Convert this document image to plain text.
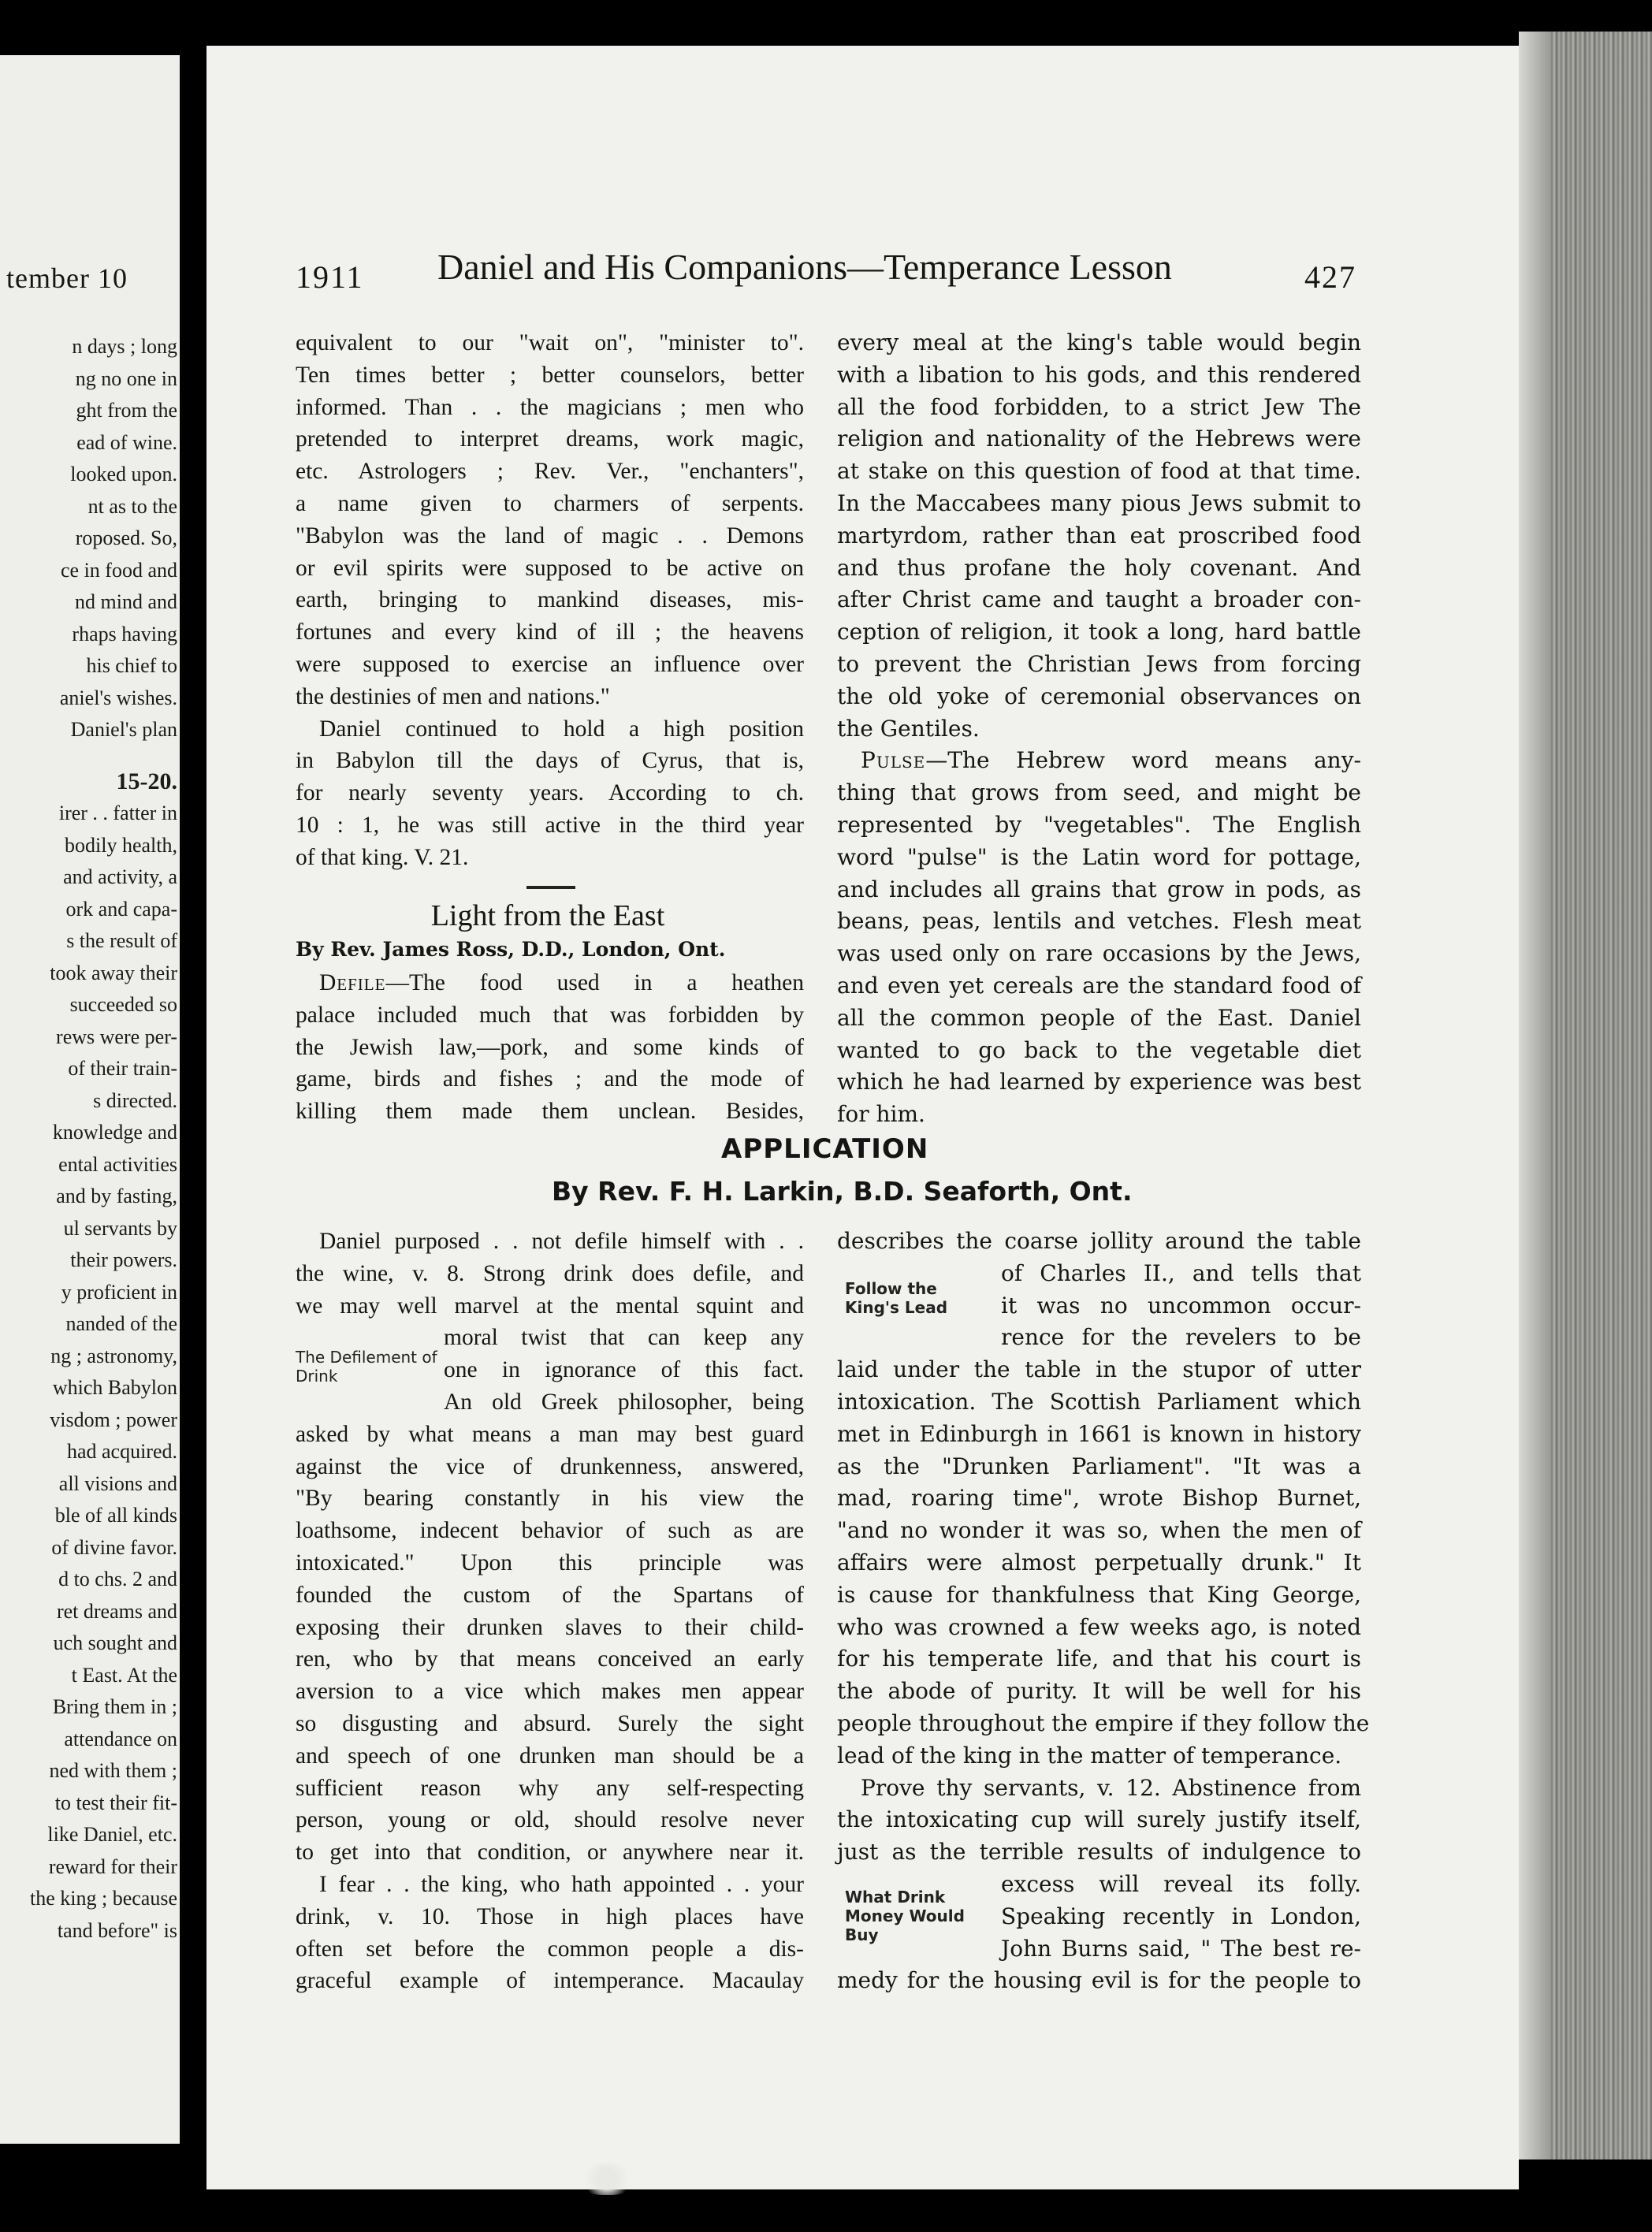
tember 10
n days ; long
ng no one in
ght from the
ead of wine.
looked upon.
nt as to the
roposed. So,
ce in food and
nd mind and
rhaps having
his chief to
aniel's wishes.
Daniel's plan
15-20.
irer . . fatter in
bodily health,
and activity, a
ork and capa-
s the result of
took away their
succeeded so
rews were per-
of their train-
s directed.
knowledge and
ental activities
and by fasting,
ul servants by
their powers.
y proficient in
nanded of the
ng ; astronomy,
which Babylon
visdom ; power
had acquired.
all visions and
ble of all kinds
of divine favor.
d to chs. 2 and
ret dreams and
uch sought and
t East. At the
Bring them in ;
attendance on
ned with them ;
to test their fit-
like Daniel, etc.
reward for their
the king ; because
tand before" is
1911 Daniel and His Companions—Temperance Lesson	427
equivalent to our "wait on", "minister to".
Ten times better ; better counselors, better
informed. Than . . the magicians ; men who
pretended to interpret dreams, work magic,
etc. Astrologers ; Rev. Ver., "enchanters",
a name given to charmers of serpents.
"Babylon was the land of magic . . Demons
or evil spirits were supposed to be active on
earth, bringing to mankind diseases, mis-
fortunes and every kind of ill ; the heavens
were supposed to exercise an influence over
the destinies of men and nations."
Daniel continued to hold a high position
in Babylon till the days of Cyrus, that is,
for nearly seventy years. According to ch.
10 : 1, he was still active in the third year
of that king. V. 21.
Light from the East
By Rev. James Ross, D.D., London, Ont.
Defile—The food used in a heathen
palace included much that was forbidden by
the Jewish law,—pork, and some kinds of
game, birds and fishes ; and the mode of
killing them made them unclean. Besides,
every meal at the king's table would begin
with a libation to his gods, and this rendered
all the food forbidden, to a strict Jew The
religion and nationality of the Hebrews were
at stake on this question of food at that time.
In the Maccabees many pious Jews submit to
martyrdom, rather than eat proscribed food
and thus profane the holy covenant. And
after Christ came and taught a broader con-
ception of religion, it took a long, hard battle
to prevent the Christian Jews from forcing
the old yoke of ceremonial observances on
the Gentiles.
Pulse—The Hebrew word means any-
thing that grows from seed, and might be
represented by "vegetables". The English
word "pulse" is the Latin word for pottage,
and includes all grains that grow in pods, as
beans, peas, lentils and vetches. Flesh meat
was used only on rare occasions by the Jews,
and even yet cereals are the standard food of
all the common people of the East. Daniel
wanted to go back to the vegetable diet
which he had learned by experience was best
for him.
APPLICATION
By Rev. F. H. Larkin, B.D. Seaforth, Ont.
Daniel purposed . . not defile himself with . .
the wine, v. 8. Strong drink does defile, and
we may well marvel at the mental squint and
moral twist that can keep any
one in ignorance of this fact.
An old Greek philosopher, being
asked by what means a man may best guard
against the vice of drunkenness, answered,
"By bearing constantly in his view the
loathsome, indecent behavior of such as are
intoxicated." Upon this principle was
founded the custom of the Spartans of
exposing their drunken slaves to their child-
ren, who by that means conceived an early
aversion to a vice which makes men appear
so disgusting and absurd. Surely the sight
and speech of one drunken man should be a
sufficient reason why any self-respecting
person, young or old, should resolve never
to get into that condition, or anywhere near it.
I fear . . the king, who hath appointed . . your
drink, v. 10. Those in high places have
often set before the common people a dis-
graceful example of intemperance. Macaulay
The Defilement of Drink
describes the coarse jollity around the table
of Charles II., and tells that
it was no uncommon occur-
rence for the revelers to be
laid under the table in the stupor of utter
intoxication. The Scottish Parliament which
met in Edinburgh in 1661 is known in history
as the "Drunken Parliament". "It was a
mad, roaring time", wrote Bishop Burnet,
"and no wonder it was so, when the men of
affairs were almost perpetually drunk." It
is cause for thankfulness that King George,
who was crowned a few weeks ago, is noted
for his temperate life, and that his court is
the abode of purity. It will be well for his
people throughout the empire if they follow the
lead of the king in the matter of temperance.
Prove thy servants, v. 12. Abstinence from
the intoxicating cup will surely justify itself,
just as the terrible results of indulgence to
excess will reveal its folly.
Speaking recently in London,
John Burns said, " The best re-
medy for the housing evil is for the people to
Follow the King's Lead
What Drink Money Would Buy
